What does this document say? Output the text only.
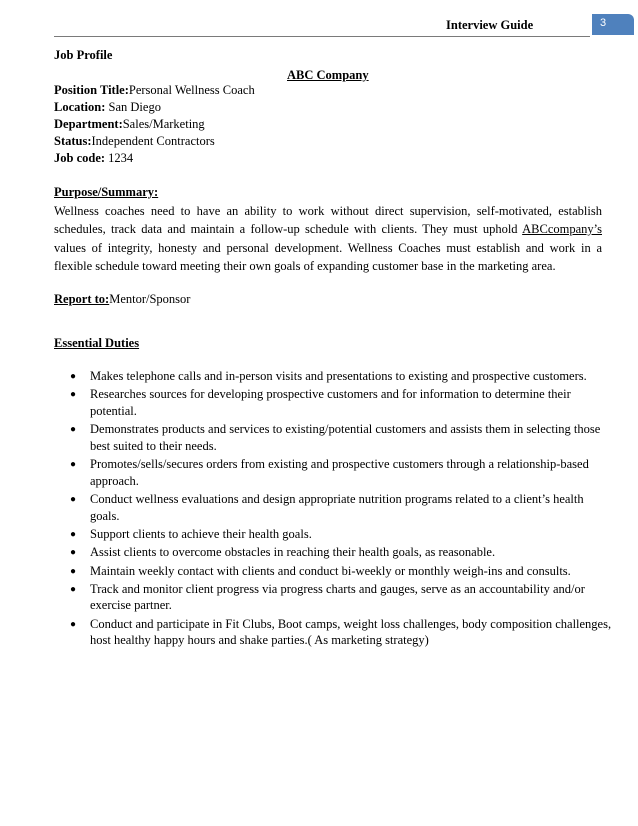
Interview Guide	3
Job Profile
ABC Company
Position Title:Personal Wellness Coach
Location: San Diego
Department:Sales/Marketing
Status:Independent Contractors
Job code: 1234
Purpose/Summary:
Wellness coaches need to have an ability to work without direct supervision, self-motivated, establish schedules, track data and maintain a follow-up schedule with clients. They must uphold ABCcompany’s values of integrity, honesty and personal development. Wellness Coaches must establish and work in a flexible schedule toward meeting their own goals of expanding customer base in the marketing area.
Report to:Mentor/Sponsor
Essential Duties
● Makes telephone calls and in-person visits and presentations to existing and prospective customers.
● Researches sources for developing prospective customers and for information to determine their potential.
● Demonstrates products and services to existing/potential customers and assists them in selecting those best suited to their needs.
● Promotes/sells/secures orders from existing and prospective customers through a relationship-based approach.
● Conduct wellness evaluations and design appropriate nutrition programs related to a client’s health goals.
● Support clients to achieve their health goals.
● Assist clients to overcome obstacles in reaching their health goals, as reasonable.
● Maintain weekly contact with clients and conduct bi-weekly or monthly weigh-ins and consults.
● Track and monitor client progress via progress charts and gauges, serve as an accountability and/or exercise partner.
● Conduct and participate in Fit Clubs, Boot camps, weight loss challenges, body composition challenges, host healthy happy hours and shake parties.( As marketing strategy)
